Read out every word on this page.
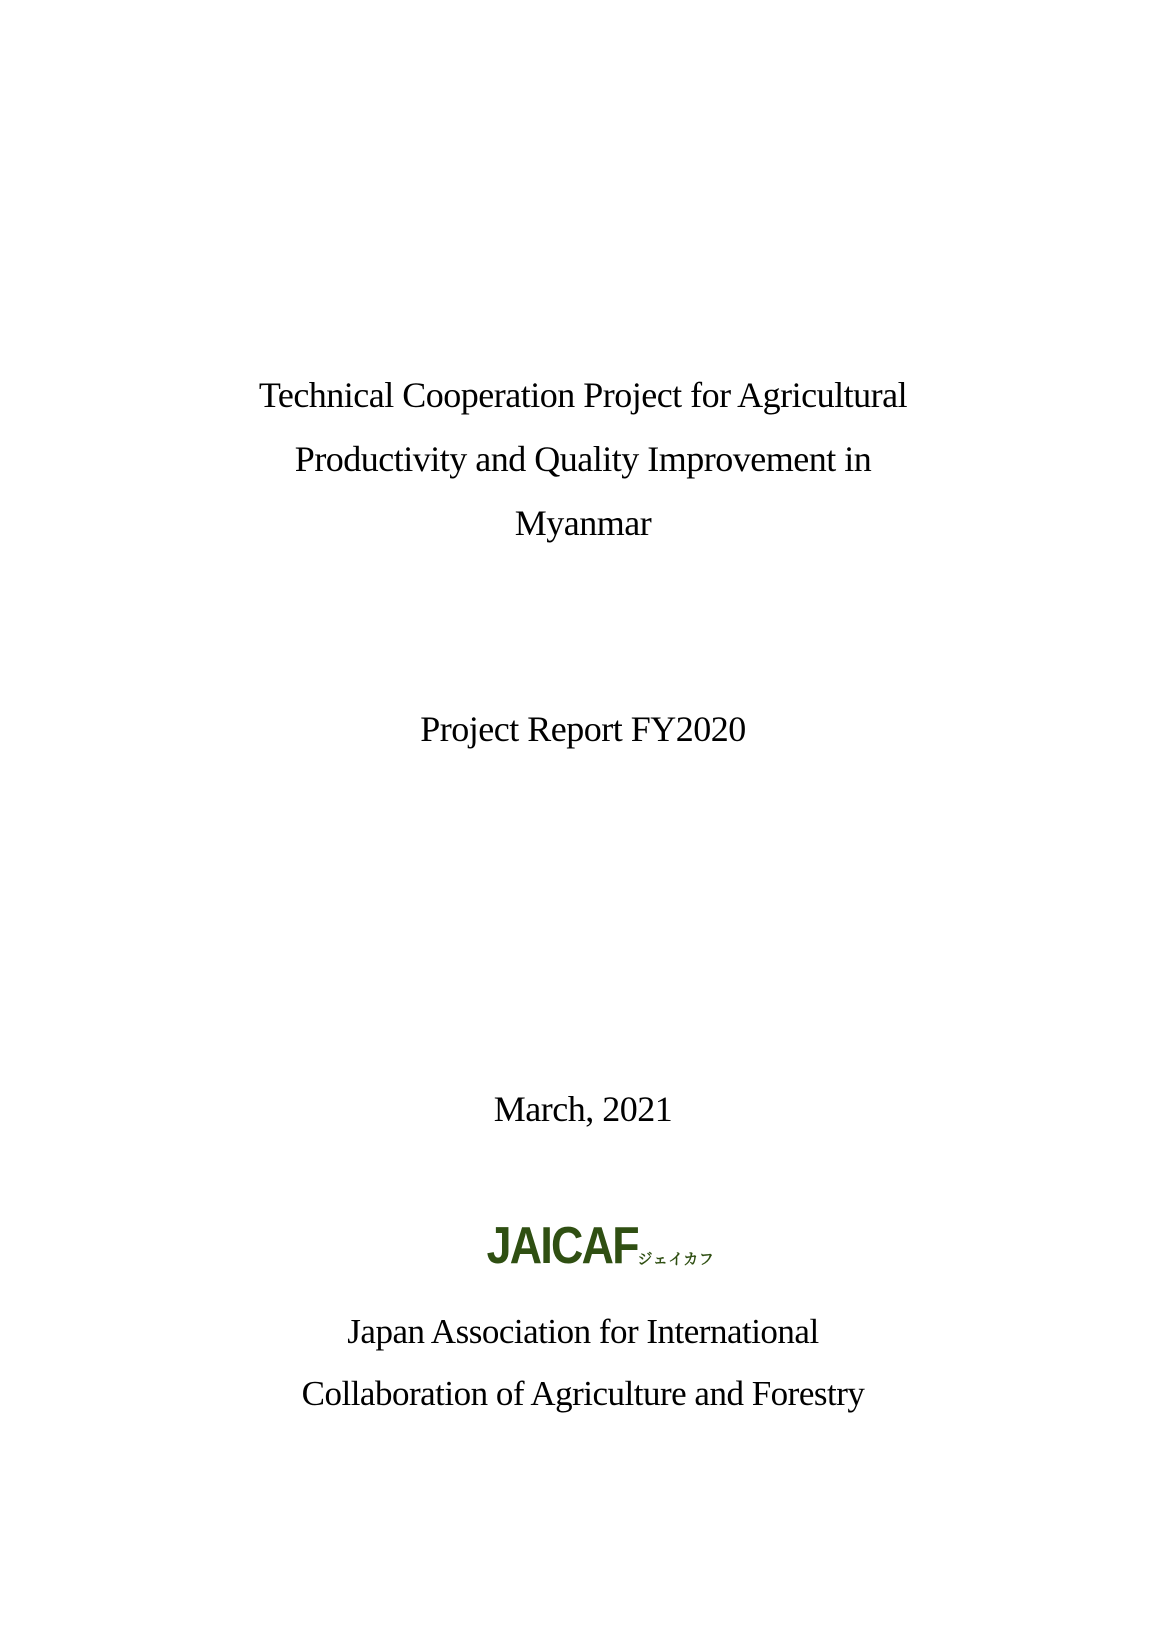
Technical Cooperation Project for Agricultural
Productivity and Quality Improvement in
Myanmar
Project Report FY2020
March, 2021
JAICAFジェイカフ
Japan Association for International
Collaboration of Agriculture and Forestry
